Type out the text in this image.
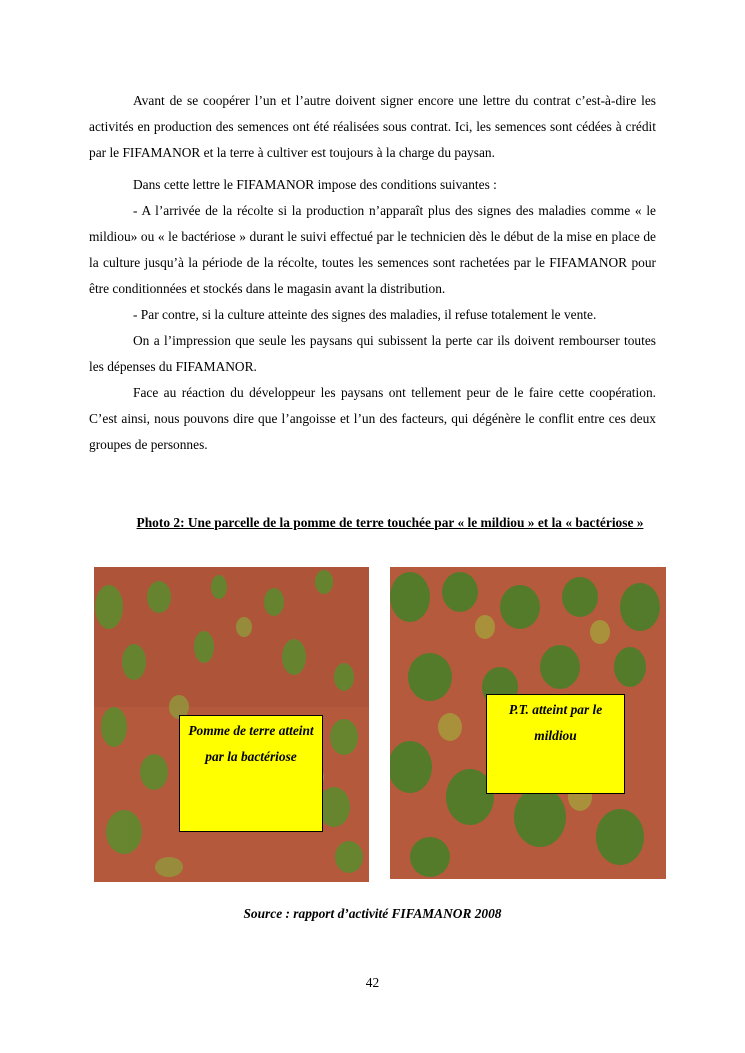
Avant de se coopérer l’un et l’autre doivent signer encore une lettre du contrat c’est-à-dire les activités en production des semences ont été réalisées sous contrat. Ici, les semences sont cédées à crédit par le FIFAMANOR et la terre à cultiver est toujours à la charge du paysan.

Dans cette lettre le FIFAMANOR impose des conditions suivantes :

- A l’arrivée de la récolte si la production n’apparaît plus des signes des maladies comme « le mildiou» ou « le bactériose » durant le suivi effectué par le technicien dès le début de la mise en place de la culture jusqu’à la période de la récolte, toutes les semences sont rachetées par le FIFAMANOR pour être conditionnées et stockés dans le magasin avant la distribution.

- Par contre, si la culture atteinte des signes des maladies, il refuse totalement le vente.

On a l’impression que seule les paysans qui subissent la perte car ils doivent rembourser toutes les dépenses du FIFAMANOR.

Face au réaction du développeur les paysans ont tellement peur de le faire cette coopération. C’est ainsi, nous pouvons dire que l’angoisse et l’un des facteurs, qui dégénère le conflit entre ces deux groupes de personnes.

Photo 2: Une parcelle de la pomme de terre touchée par « le mildiou » et la « bactériose »
Pomme de terre atteint par la bactériose
P.T. atteint par le mildiou
Source : rapport d’activité FIFAMANOR 2008
42
